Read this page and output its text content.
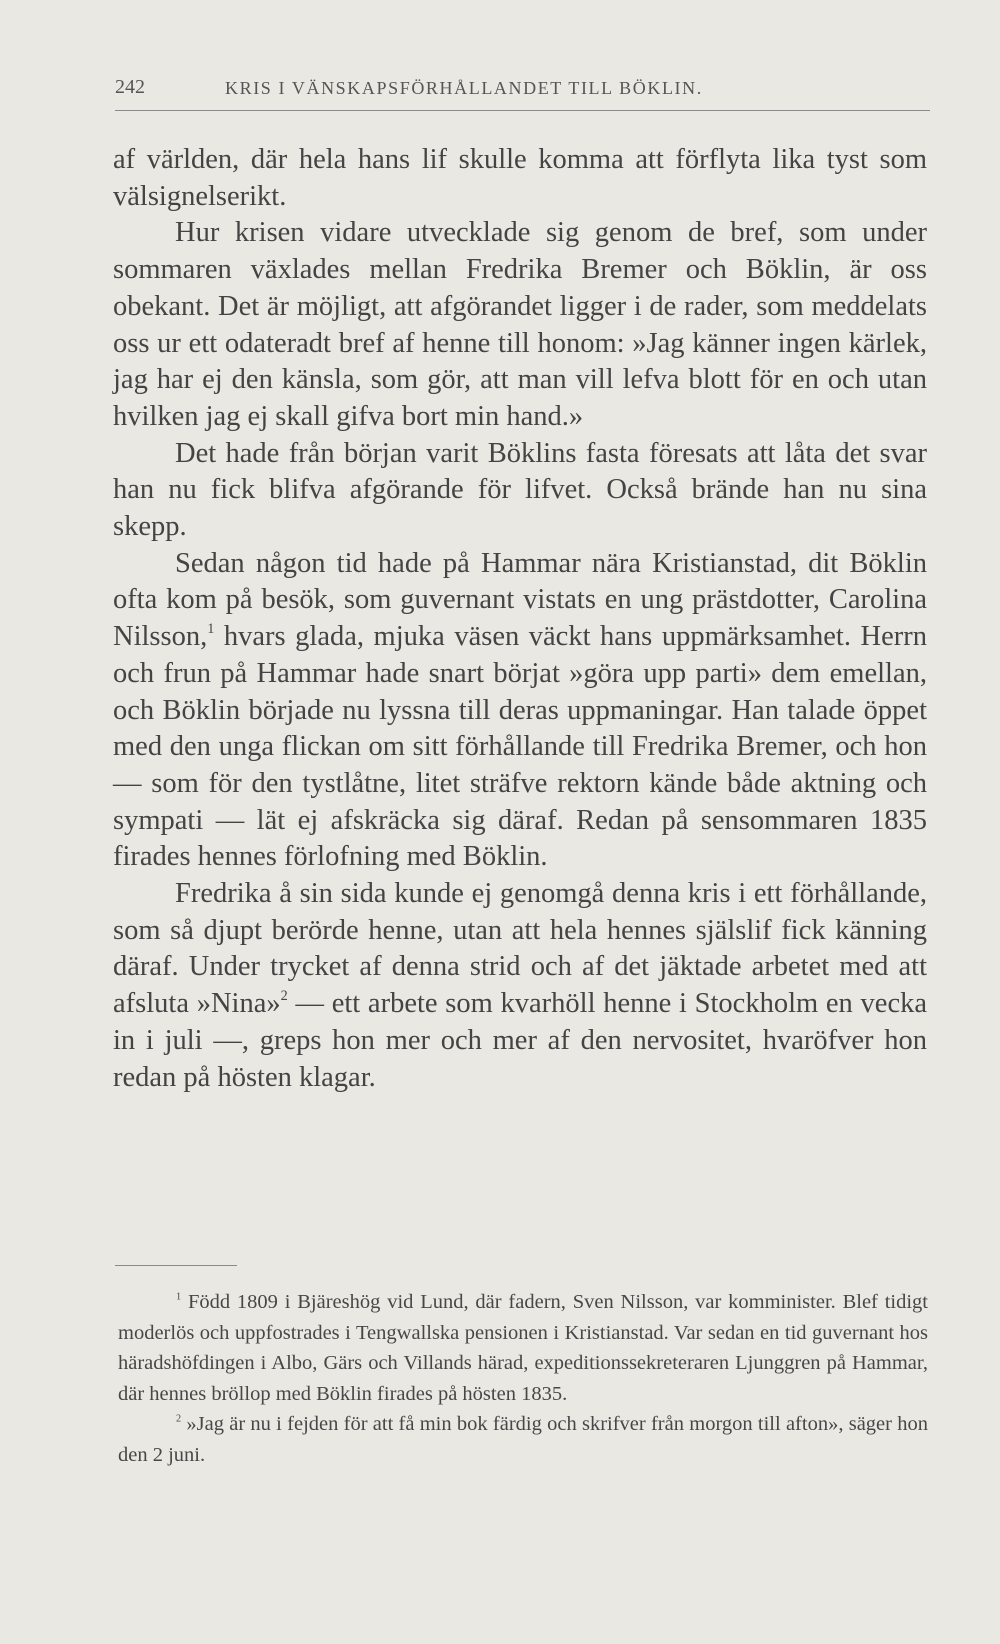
242	KRIS I VÄNSKAPSFÖRHÅLLANDET TILL BÖKLIN.

af världen, där hela hans lif skulle komma att förflyta lika tyst som välsignelserikt.

Hur krisen vidare utvecklade sig genom de bref, som under sommaren växlades mellan Fredrika Bremer och Böklin, är oss obekant. Det är möjligt, att afgörandet ligger i de rader, som meddelats oss ur ett odateradt bref af henne till honom: »Jag känner ingen kärlek, jag har ej den känsla, som gör, att man vill lefva blott för en och utan hvilken jag ej skall gifva bort min hand.»

Det hade från början varit Böklins fasta föresats att låta det svar han nu fick blifva afgörande för lifvet. Också brände han nu sina skepp.

Sedan någon tid hade på Hammar nära Kristianstad, dit Böklin ofta kom på besök, som guvernant vistats en ung prästdotter, Carolina Nilsson,$^1$ hvars glada, mjuka väsen väckt hans uppmärksamhet. Herrn och frun på Hammar hade snart börjat »göra upp parti» dem emellan, och Böklin började nu lyssna till deras uppmaningar. Han talade öppet med den unga flickan om sitt förhållande till Fredrika Bremer, och hon — som för den tystlåtne, litet sträfve rektorn kände både aktning och sympati — lät ej afskräcka sig däraf. Redan på sensommaren 1835 firades hennes förlofning med Böklin.

Fredrika å sin sida kunde ej genomgå denna kris i ett förhållande, som så djupt berörde henne, utan att hela hennes själslif fick känning däraf. Under trycket af denna strid och af det jäktade arbetet med att afsluta »Nina»$^2$ — ett arbete som kvarhöll henne i Stockholm en vecka in i juli —, greps hon mer och mer af den nervositet, hvaröfver hon redan på hösten klagar.

$^1$ Född 1809 i Bjäreshög vid Lund, där fadern, Sven Nilsson, var komminister. Blef tidigt moderlös och uppfostrades i Tengwallska pensionen i Kristianstad. Var sedan en tid guvernant hos häradshöfdingen i Albo, Gärs och Villands härad, expeditionssekreteraren Ljunggren på Hammar, där hennes bröllop med Böklin firades på hösten 1835.

$^2$ »Jag är nu i fejden för att få min bok färdig och skrifver från morgon till afton», säger hon den 2 juni.
